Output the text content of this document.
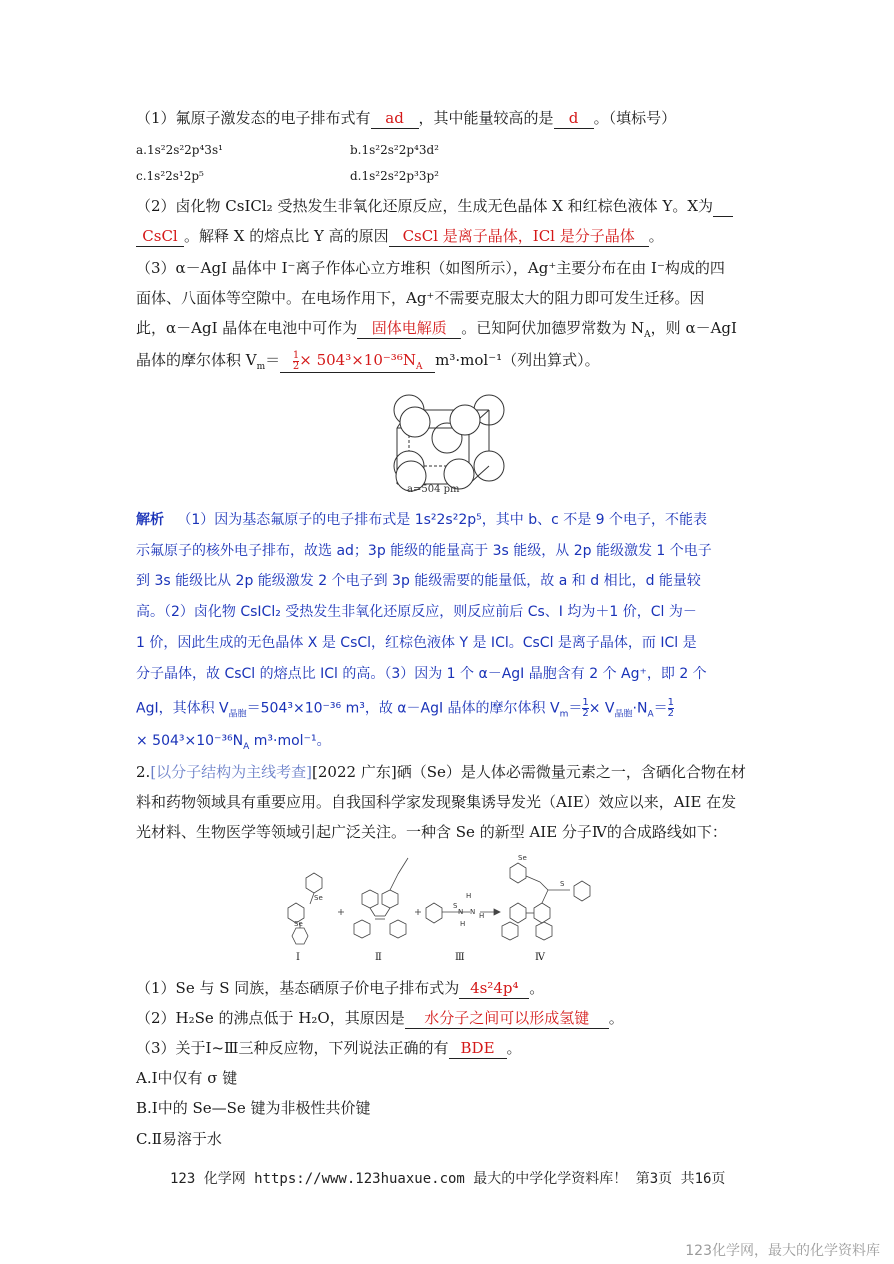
（1）氟原子激发态的电子排布式有 ad ，其中能量较高的是 d 。（填标号）
a.1s²2s²2p⁴3s¹	b.1s²2s²2p⁴3d²
c.1s²2s¹2p⁵	d.1s²2s²2p³3p²
（2）卤化物 CsICl₂ 受热发生非氧化还原反应，生成无色晶体 X 和红棕色液体 Y。X为
CsCl 。解释 X 的熔点比 Y 高的原因 CsCl 是离子晶体，ICl 是分子晶体 。
（3）α－AgI 晶体中 I⁻离子作体心立方堆积（如图所示），Ag⁺主要分布在由 I⁻构成的四
面体、八面体等空隙中。在电场作用下，Ag⁺不需要克服太大的阻力即可发生迁移。因
此，α－AgI 晶体在电池中可作为 固体电解质 。已知阿伏加德罗常数为 $N_A$，则 α－AgI
晶体的摩尔体积 $V_m= \frac{1}{2} \times 504^3\times 10^{-36}N_A$ m³·mol⁻¹（列出算式）。
a=504 pm
解析 （1）因为基态氟原子的电子排布式是 1s²2s²2p⁵，其中 b、c 不是 9 个电子，不能表
示氟原子的核外电子排布，故选 ad；3p 能级的能量高于 3s 能级，从 2p 能级激发 1 个电子
到 3s 能级比从 2p 能级激发 2 个电子到 3p 能级需要的能量低，故 a 和 d 相比，d 能量较
高。（2）卤化物 CsICl₂ 受热发生非氧化还原反应，则反应前后 Cs、I 均为＋1 价，Cl 为－
1 价，因此生成的无色晶体 X 是 CsCl，红棕色液体 Y 是 ICl。CsCl 是离子晶体，而 ICl 是
分子晶体，故 CsCl 的熔点比 ICl 的高。（3）因为 1 个 α－AgI 晶胞含有 2 个 Ag⁺，即 2 个
AgI，其体积 $V_{晶胞}=504^3\times 10^{-36}$ m³，故 α－AgI 晶体的摩尔体积 $V_m= \frac{1}{2} \times V_{晶胞}\cdot N_A= \frac{1}{2}$
× $504^3\times 10^{-36}N_A$ m³·mol⁻¹。
2.[以分子结构为主线考查][2022 广东]硒（Se）是人体必需微量元素之一，含硒化合物在材
料和药物领域具有重要应用。自我国科学家发现聚集诱导发光（AIE）效应以来，AIE 在发
光材料、生物医学等领域引起广泛关注。一种含 Se 的新型 AIE 分子Ⅳ的合成路线如下：
Se
Se
S
H
N N H
H
Se
S
Ⅰ	Ⅱ	Ⅲ	Ⅳ
（1）Se 与 S 同族，基态硒原子价电子排布式为 4s²4p⁴ 。
（2）H₂Se 的沸点低于 H₂O，其原因是 水分子之间可以形成氢键 。
（3）关于Ⅰ~Ⅲ三种反应物，下列说法正确的有 BDE 。
A.Ⅰ中仅有 σ 键
B.Ⅰ中的 Se—Se 键为非极性共价键
C.Ⅱ易溶于水
123 化学网 https://www.123huaxue.com 最大的中学化学资料库！ 第3页 共16页
123化学网，最大的化学资料库
